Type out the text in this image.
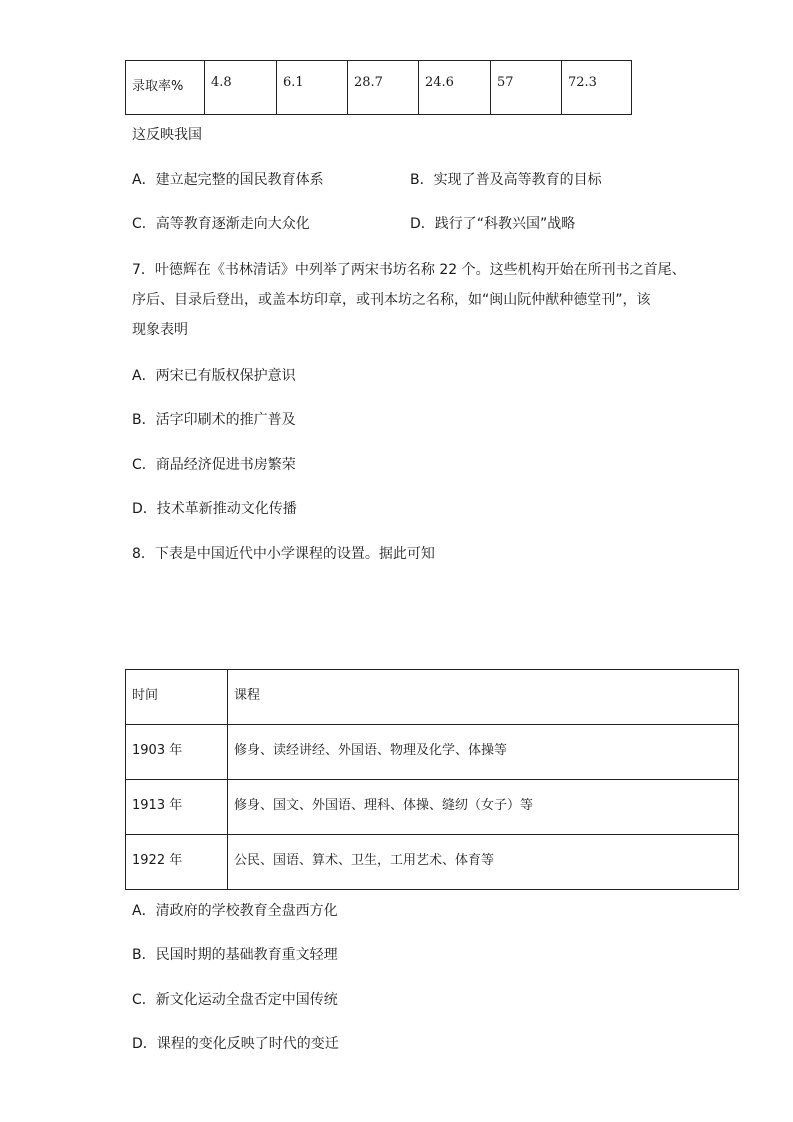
录取率%	4.8	6.1	28.7	24.6	57	72.3
这反映我国
A．建立起完整的国民教育体系	B．实现了普及高等教育的目标
C．高等教育逐渐走向大众化	D．践行了“科教兴国”战略
7．叶德辉在《书林清话》中列举了两宋书坊名称 22 个。这些机构开始在所刊书之首尾、
序后、目录后登出，或盖本坊印章，或刊本坊之名称，如“闽山阮仲猷种德堂刊”，该
现象表明
A．两宋已有版权保护意识
B．活字印刷术的推广普及
C．商品经济促进书房繁荣
D．技术革新推动文化传播
8．下表是中国近代中小学课程的设置。据此可知
时间	课程
1903 年	修身、读经讲经、外国语、物理及化学、体操等
1913 年	修身、国文、外国语、理科、体操、缝纫（女子）等
1922 年	公民、国语、算术、卫生，工用艺术、体育等
A．清政府的学校教育全盘西方化
B．民国时期的基础教育重文轻理
C．新文化运动全盘否定中国传统
D．课程的变化反映了时代的变迁
